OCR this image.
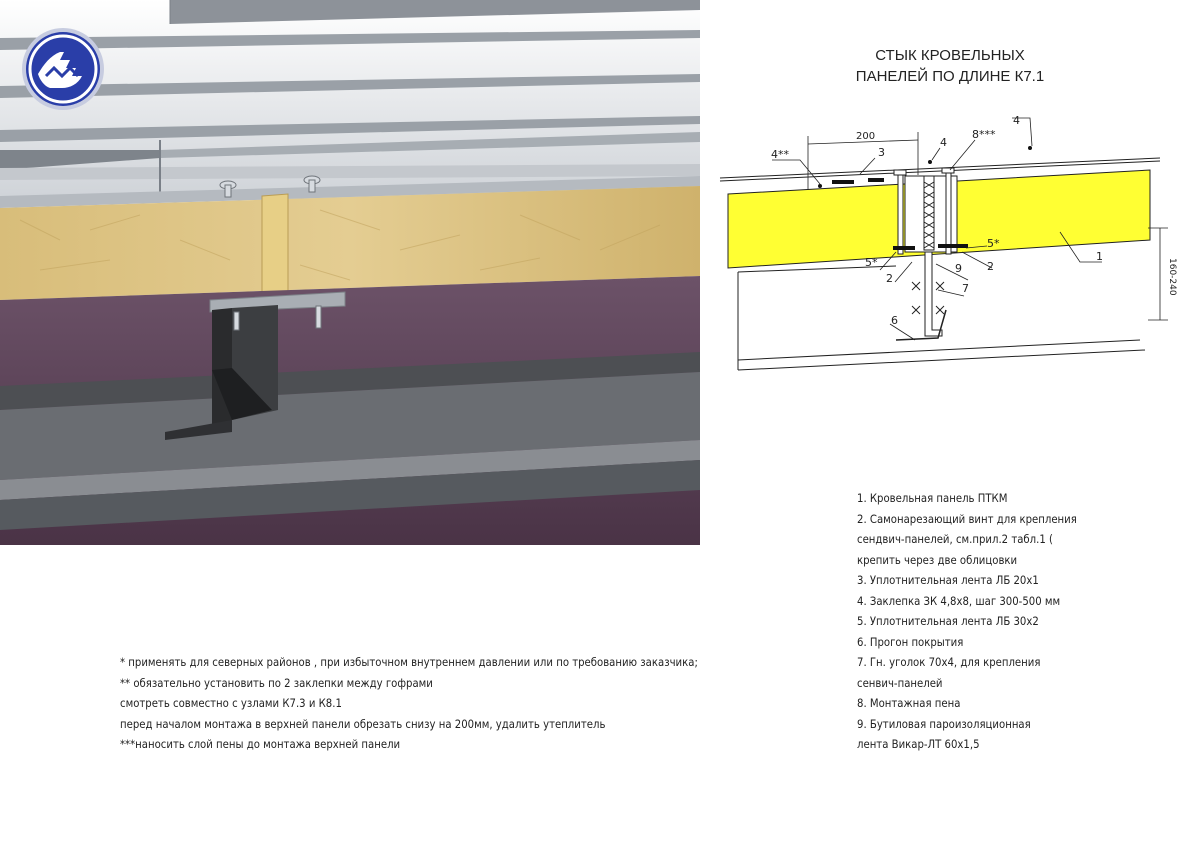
СТЫК КРОВЕЛЬНЫХ
ПАНЕЛЕЙ ПО ДЛИНЕ К7.1
200
160-240
1
4**	3
4
4
8***
5*
5*	2
9
2
7
6
1. Кровельная панель ПТКМ
2. Самонарезающий винт для крепления
сендвич-панелей, см.прил.2 табл.1 (
крепить через две облицовки
3. Уплотнительная лента ЛБ 20х1
4. Заклепка ЗК 4,8х8, шаг 300-500 мм
5. Уплотнительная лента ЛБ 30х2
6. Прогон покрытия
7. Гн. уголок 70х4, для крепления
сенвич-панелей
8. Монтажная пена
9. Бутиловая пароизоляционная
лента Викар-ЛТ 60х1,5
* применять для северных районов , при избыточном внутреннем давлении или по требованию заказчика;
** обязательно установить по 2 заклепки между гофрами
смотреть совместно с узлами К7.3 и К8.1
перед началом монтажа в верхней панели обрезать снизу на 200мм, удалить утеплитель
***наносить слой пены до монтажа верхней панели
